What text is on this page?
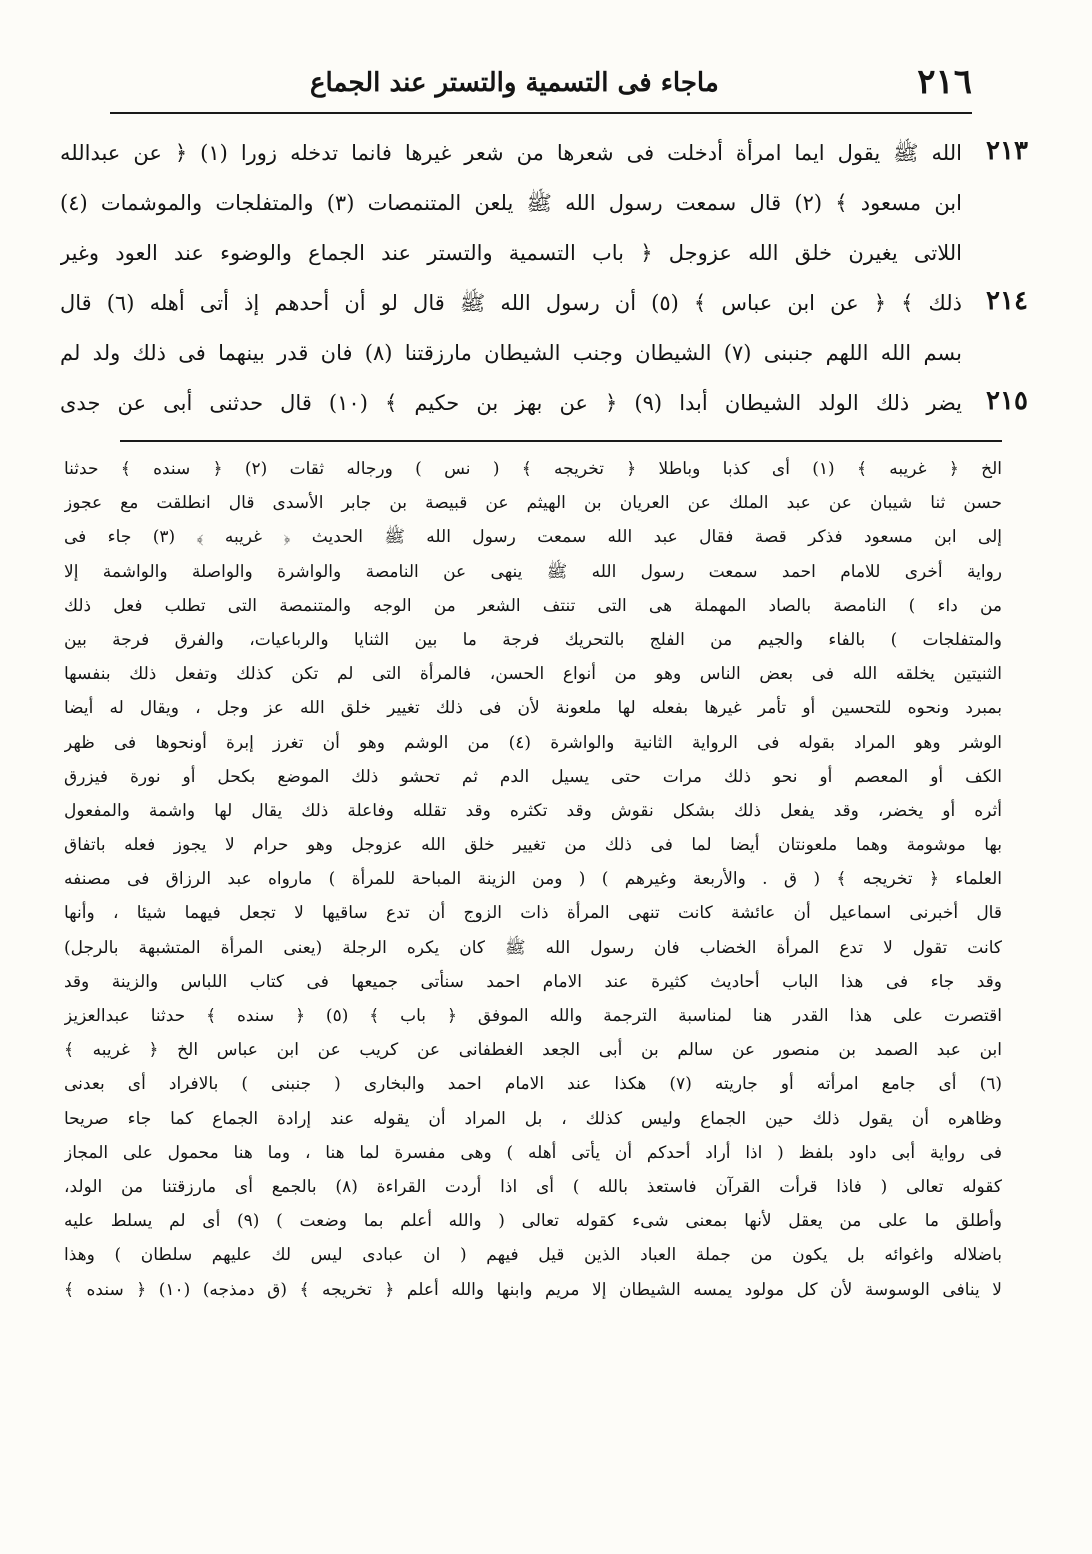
٢١٦
ماجاء فى التسمية والتستر عند الجماع
٢١٣
الله ﷺ يقول ايما امرأة أدخلت فى شعرها من شعر غيرها فانما تدخله زورا (١) ﴿ عن عبدالله
ابن مسعود ﴾ (٢) قال سمعت رسول الله ﷺ يلعن المتنمصات (٣) والمتفلجات والموشمات (٤)
اللاتى يغيرن خلق الله عزوجل ﴿ باب التسمية والتستر عند الجماع والوضوء عند العود وغير
٢١٤
ذلك ﴾ ﴿ عن ابن عباس ﴾ (٥) أن رسول الله ﷺ قال لو أن أحدهم إذ أتى أهله (٦) قال
بسم الله اللهم جنبنى (٧) الشيطان وجنب الشيطان مارزقتنا (٨) فان قدر بينهما فى ذلك ولد لم
٢١٥
يضر ذلك الولد الشيطان أبدا (٩) ﴿ عن بهز بن حكيم ﴾ (١٠) قال حدثنى أبى عن جدى
الخ ﴿ غريبه ﴾ (١) أى كذبا وباطلا ﴿ تخريجه ﴾ ( نس ) ورجاله ثقات (٢) ﴿ سنده ﴾ حدثنا
حسن ثنا شيبان عن عبد الملك عن العريان بن الهيثم عن قبيصة بن جابر الأسدى قال انطلقت مع عجوز
إلى ابن مسعود فذكر قصة فقال عبد الله سمعت رسول الله ﷺ الحديث ﴿ غريبه ﴾ (٣) جاء فى
رواية أخرى للامام احمد سمعت رسول الله ﷺ ينهى عن النامصة والواشرة والواصلة والواشمة إلا
من داء ) النامصة بالصاد المهملة هى التى تنتف الشعر من الوجه والمتنمصة التى تطلب فعل ذلك
والمتفلجات ) بالفاء والجيم من الفلج بالتحريك فرجة ما بين الثنايا والرباعيات، والفرق فرجة بين
الثنيتين يخلقه الله فى بعض الناس وهو من أنواع الحسن، فالمرأة التى لم تكن كذلك وتفعل ذلك بنفسها
بمبرد ونحوه للتحسين أو تأمر غيرها بفعله لها ملعونة لأن فى ذلك تغيير خلق الله عز وجل ، ويقال له أيضا
الوشر وهو المراد بقوله فى الرواية الثانية والواشرة (٤) من الوشم وهو أن تغرز إبرة أونحوها فى ظهر
الكف أو المعصم أو نحو ذلك مرات حتى يسيل الدم ثم تحشو ذلك الموضع بكحل أو نورة فيزرق
أثره أو يخضر، وقد يفعل ذلك بشكل نقوش وقد تكثره وقد تقلله وفاعلة ذلك يقال لها واشمة والمفعول
بها موشومة وهما ملعونتان أيضا لما فى ذلك من تغيير خلق الله عزوجل وهو حرام لا يجوز فعله باتفاق
العلماء ﴿ تخريجه ﴾ ( ق . والأربعة وغيرهم ) ( ومن الزينة المباحة للمرأة ) مارواه عبد الرزاق فى مصنفه
قال أخبرنى اسماعيل أن عائشة كانت تنهى المرأة ذات الزوج أن تدع ساقيها لا تجعل فيهما شيئا ، وأنها
كانت تقول لا تدع المرأة الخضاب فان رسول الله ﷺ كان يكره الرجلة (يعنى المرأة المتشبهة بالرجل)
وقد جاء فى هذا الباب أحاديث كثيرة عند الامام احمد سنأتى جميعها فى كتاب اللباس والزينة وقد
اقتصرت على هذا القدر هنا لمناسبة الترجمة والله الموفق ﴿ باب ﴾ (٥) ﴿ سنده ﴾ حدثنا عبدالعزيز
ابن عبد الصمد بن منصور عن سالم بن أبى الجعد الغطفانى عن كريب عن ابن عباس الخ ﴿ غريبه ﴾
(٦) أى جامع امرأته أو جاريته (٧) هكذا عند الامام احمد والبخارى ( جنبنى ) بالافراد أى بعدنى
وظاهره أن يقول ذلك حين الجماع وليس كذلك ، بل المراد أن يقوله عند إرادة الجماع كما جاء صريحا
فى رواية أبى داود بلفظ ( اذا أراد أحدكم أن يأتى أهله ) وهى مفسرة لما هنا ، وما هنا محمول على المجاز
كقوله تعالى ( فاذا قرأت القرآن فاستعذ بالله ) أى اذا أردت القراءة (٨) بالجمع أى مارزقتنا من الولد،
وأطلق ما على من يعقل لأنها بمعنى شىء كقوله تعالى ( والله أعلم بما وضعت ) (٩) أى لم يسلط عليه
باضلاله واغوائه بل يكون من جملة العباد الذين قيل فيهم ( ان عبادى ليس لك عليهم سلطان ) وهذا
لا ينافى الوسوسة لأن كل مولود يمسه الشيطان إلا مريم وابنها والله أعلم ﴿ تخريجه ﴾ (ق دمذجه) (١٠) ﴿ سنده ﴾
